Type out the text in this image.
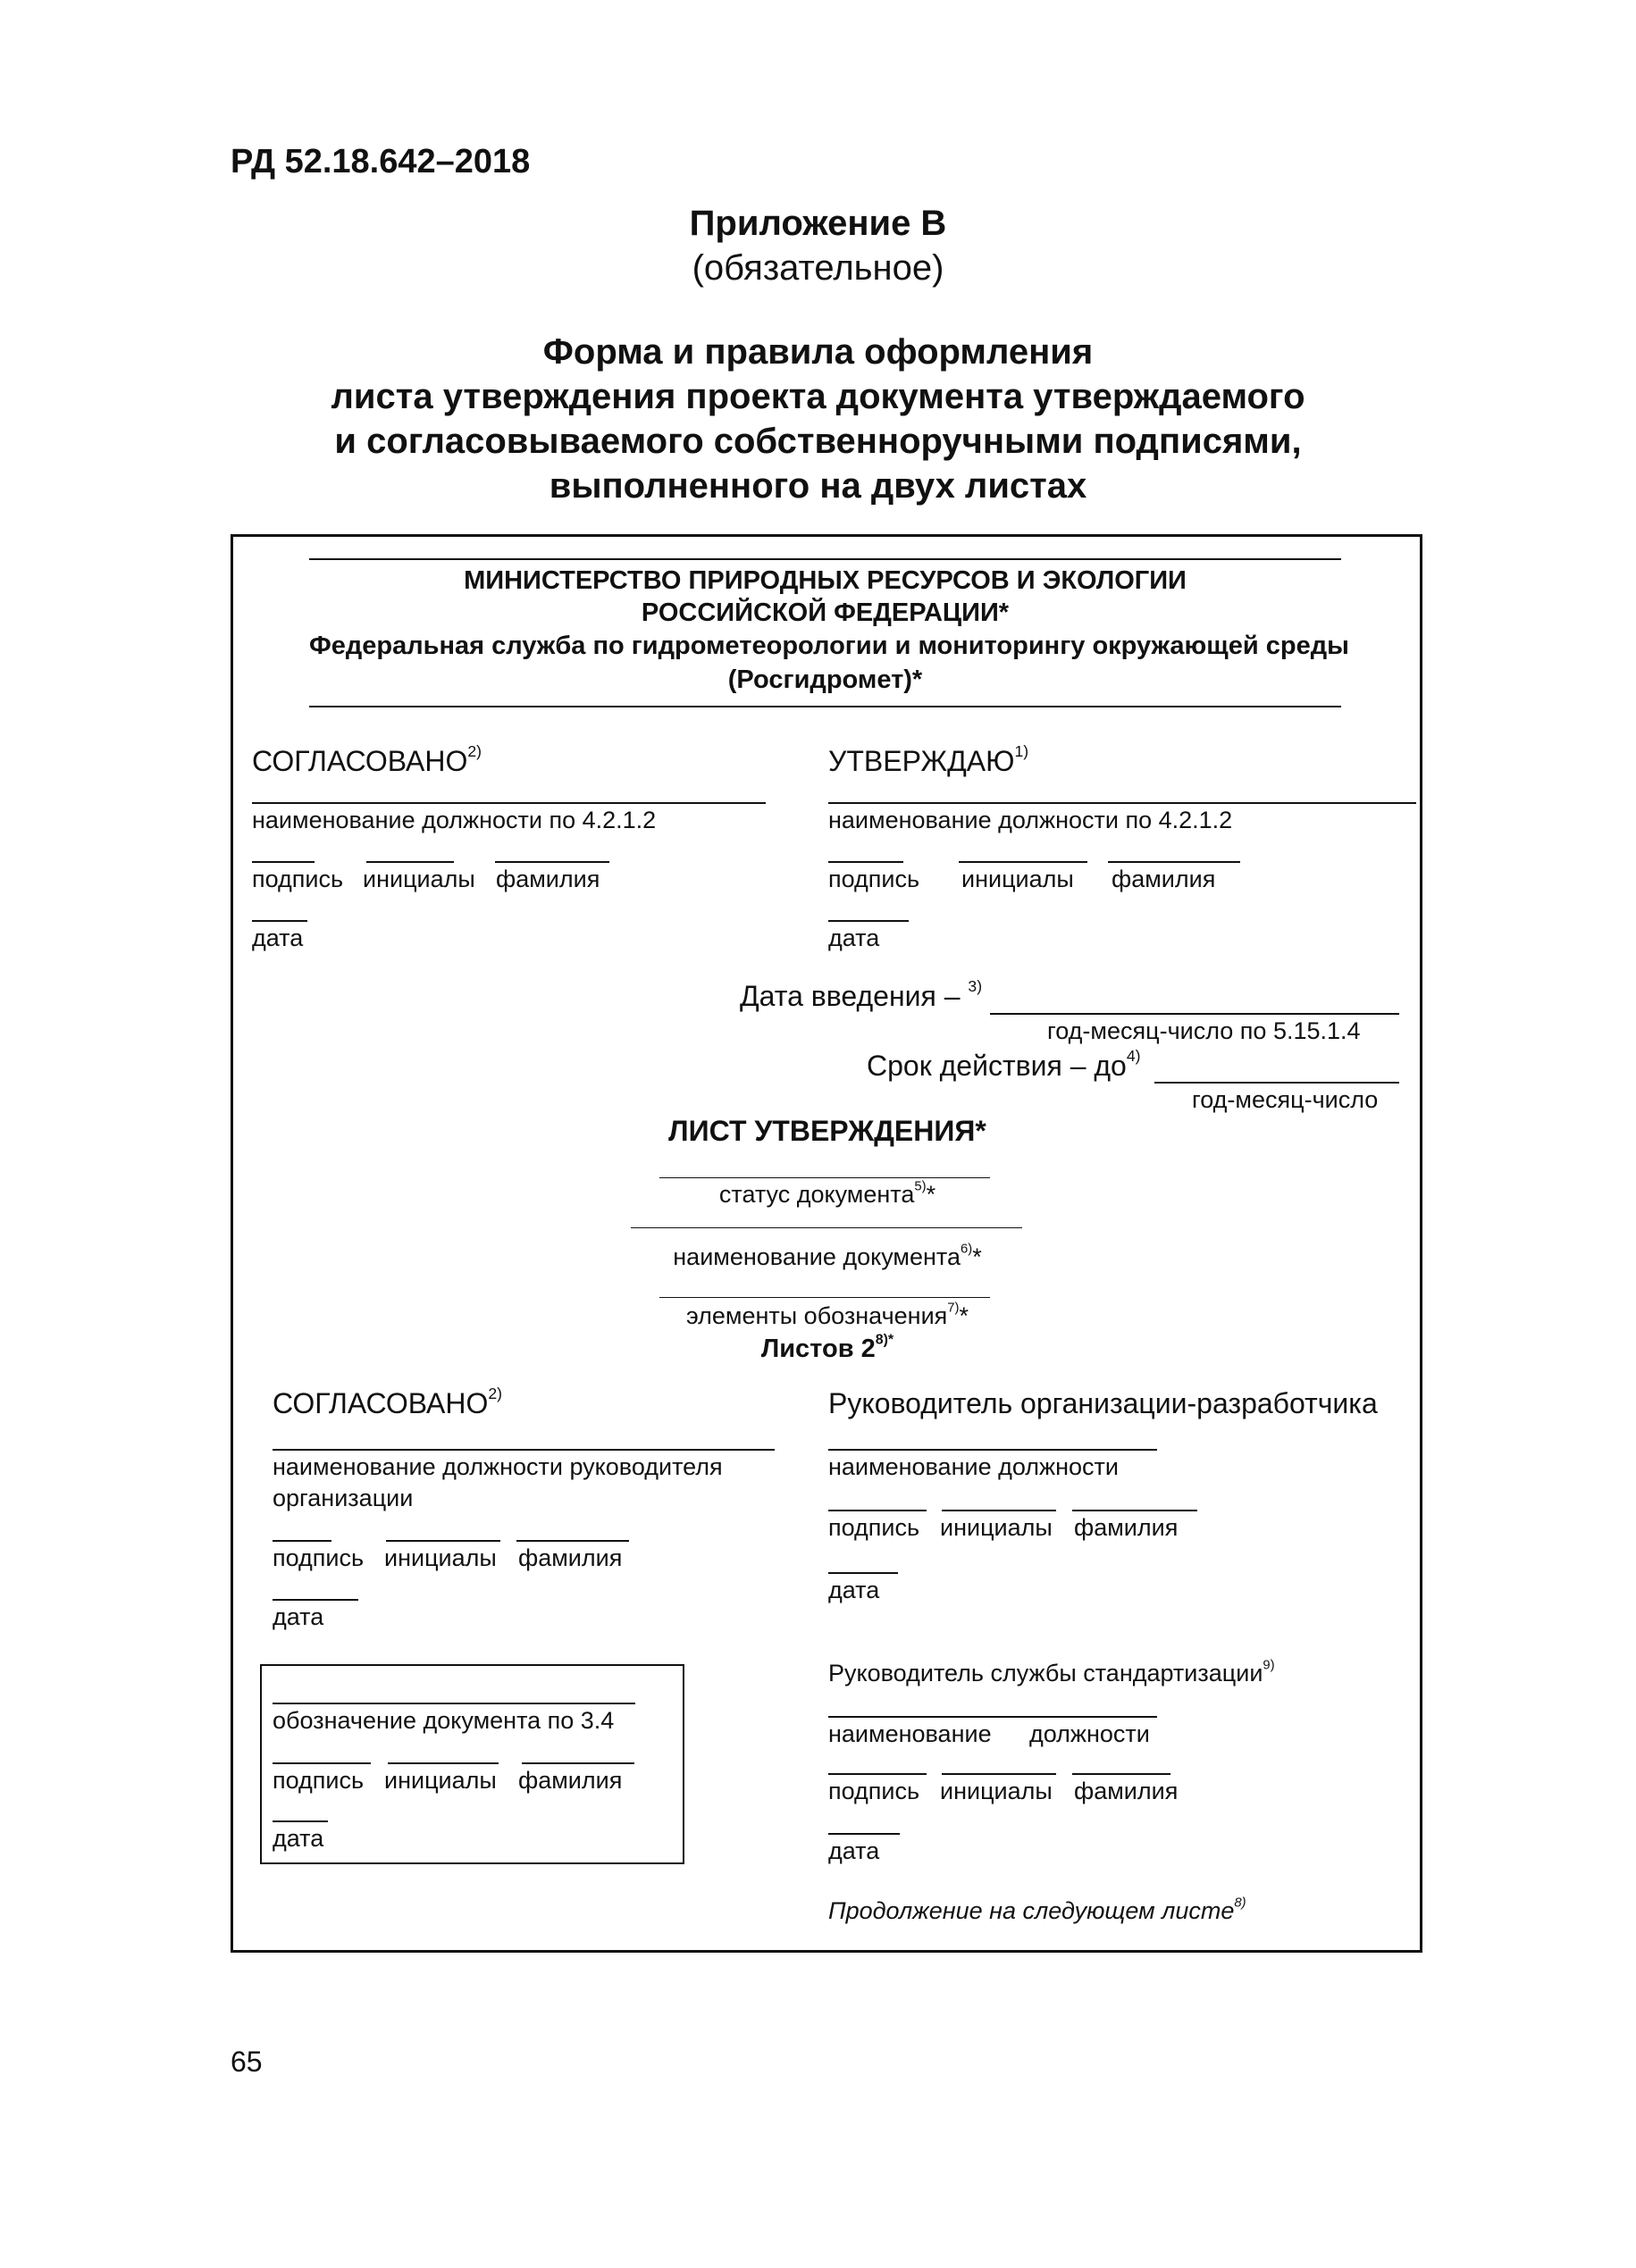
РД 52.18.642–2018
Приложение В
(обязательное)
Форма и правила оформления
листа утверждения проекта документа утверждаемого
и согласовываемого собственноручными подписями,
выполненного на двух листах
МИНИСТЕРСТВО ПРИРОДНЫХ РЕСУРСОВ И ЭКОЛОГИИ
РОССИЙСКОЙ ФЕДЕРАЦИИ*
Федеральная служба по гидрометеорологии и мониторингу окружающей среды
(Росгидромет)*
СОГЛАСОВАНО$^{2)}$
наименование должности по 4.2.1.2
подпись инициалы фамилия
дата
УТВЕРЖДАЮ$^{1)}$
наименование должности по 4.2.1.2
подпись инициалы фамилия
дата
Дата введения – $^{3)}$
год-месяц-число по 5.15.1.4
Срок действия – $до^{4)}$
год-месяц-число
ЛИСТ УТВЕРЖДЕНИЯ*
статус документа$^{5)}$*
наименование документа$^{6)}$*
элементы обозначения$^{7)}$*
Листов $2^{8)*}$
СОГЛАСОВАНО$^{2)}$
наименование должности руководителя
организации
подпись инициалы фамилия
дата
обозначение документа по 3.4
подпись инициалы фамилия
дата
Руководитель организации-разработчика
наименование должности
подпись инициалы фамилия
дата
Руководитель службы стандартизации$^{9)}$
наименование должности
подпись инициалы фамилия
дата
Продолжение на следующем листе$^{8)}$
65
